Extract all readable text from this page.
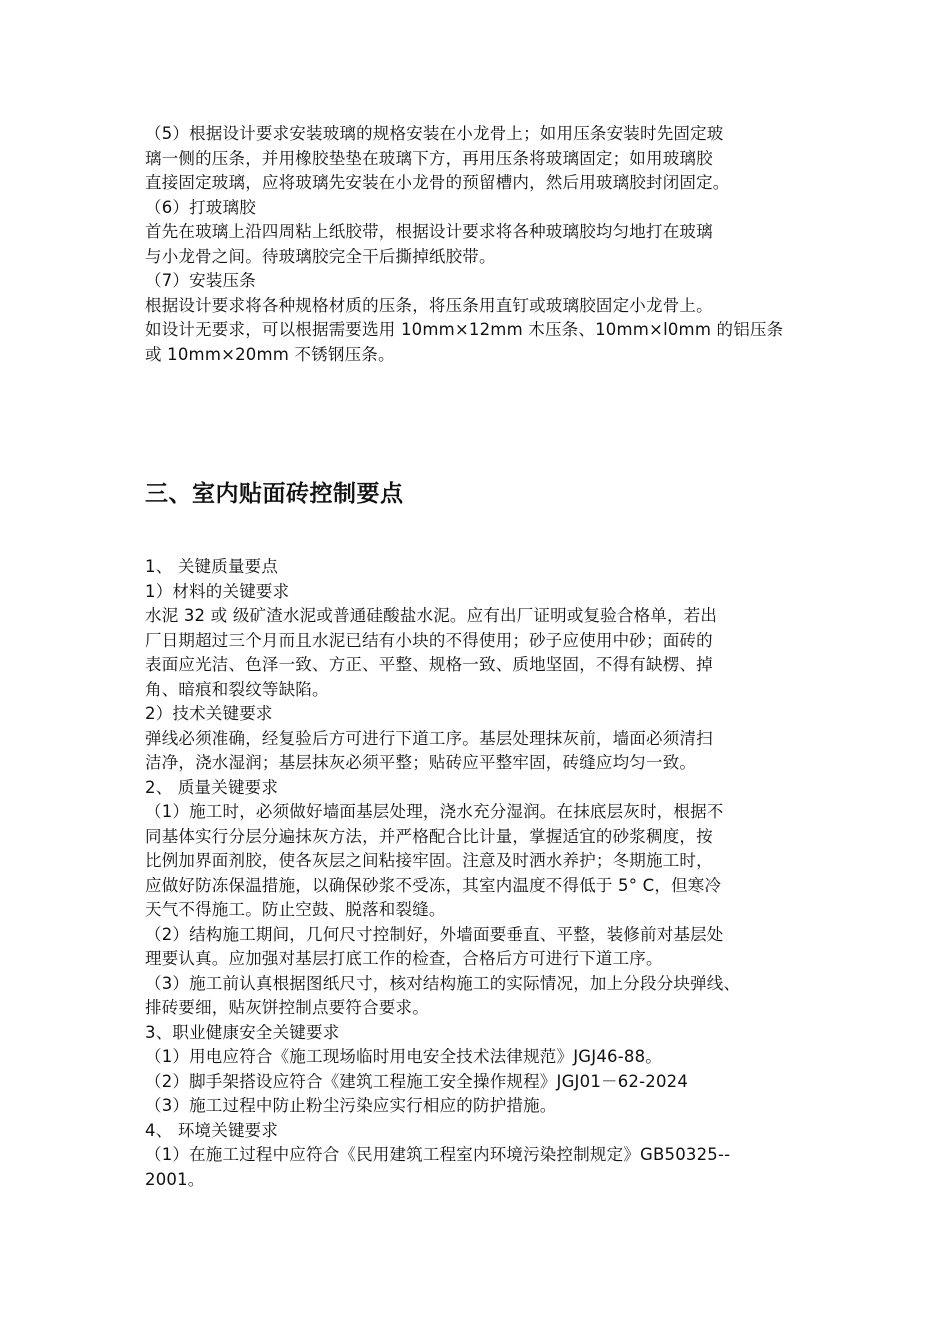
（5）根据设计要求安装玻璃的规格安装在小龙骨上；如用压条安装时先固定玻
璃一侧的压条，并用橡胶垫垫在玻璃下方，再用压条将玻璃固定；如用玻璃胶
直接固定玻璃，应将玻璃先安装在小龙骨的预留槽内，然后用玻璃胶封闭固定。
（6）打玻璃胶
首先在玻璃上沿四周粘上纸胶带，根据设计要求将各种玻璃胶均匀地打在玻璃
与小龙骨之间。待玻璃胶完全干后撕掉纸胶带。
（7）安装压条
根据设计要求将各种规格材质的压条，将压条用直钉或玻璃胶固定小龙骨上。
如设计无要求，可以根据需要选用 10mm×12mm 木压条、10mm×l0mm 的铝压条
或 10mm×20mm 不锈钢压条。
三、室内贴面砖控制要点
1、 关键质量要点
1）材料的关键要求
水泥 32 或 级矿渣水泥或普通硅酸盐水泥。应有出厂证明或复验合格单，若出
厂日期超过三个月而且水泥已结有小块的不得使用；砂子应使用中砂；面砖的
表面应光洁、色泽一致、方正、平整、规格一致、质地坚固，不得有缺楞、掉
角、暗痕和裂纹等缺陷。
2）技术关键要求
弹线必须准确，经复验后方可进行下道工序。基层处理抹灰前，墙面必须清扫
洁净，浇水湿润；基层抹灰必须平整；贴砖应平整牢固，砖缝应均匀一致。
2、 质量关键要求
（1）施工时，必须做好墙面基层处理，浇水充分湿润。在抹底层灰时，根据不
同基体实行分层分遍抹灰方法，并严格配合比计量，掌握适宜的砂浆稠度，按
比例加界面剂胶，使各灰层之间粘接牢固。注意及时洒水养护；冬期施工时，
应做好防冻保温措施，以确保砂浆不受冻，其室内温度不得低于 5° C，但寒冷
天气不得施工。防止空鼓、脱落和裂缝。
（2）结构施工期间，几何尺寸控制好，外墙面要垂直、平整，装修前对基层处
理要认真。应加强对基层打底工作的检查，合格后方可进行下道工序。
（3）施工前认真根据图纸尺寸，核对结构施工的实际情况，加上分段分块弹线、
排砖要细，贴灰饼控制点要符合要求。
3、职业健康安全关键要求
（1）用电应符合《施工现场临时用电安全技术法律规范》JGJ46-88。
（2）脚手架搭设应符合《建筑工程施工安全操作规程》JGJ01－62-2024
（3）施工过程中防止粉尘污染应实行相应的防护措施。
4、 环境关键要求
（1）在施工过程中应符合《民用建筑工程室内环境污染控制规定》GB50325--
2001。
